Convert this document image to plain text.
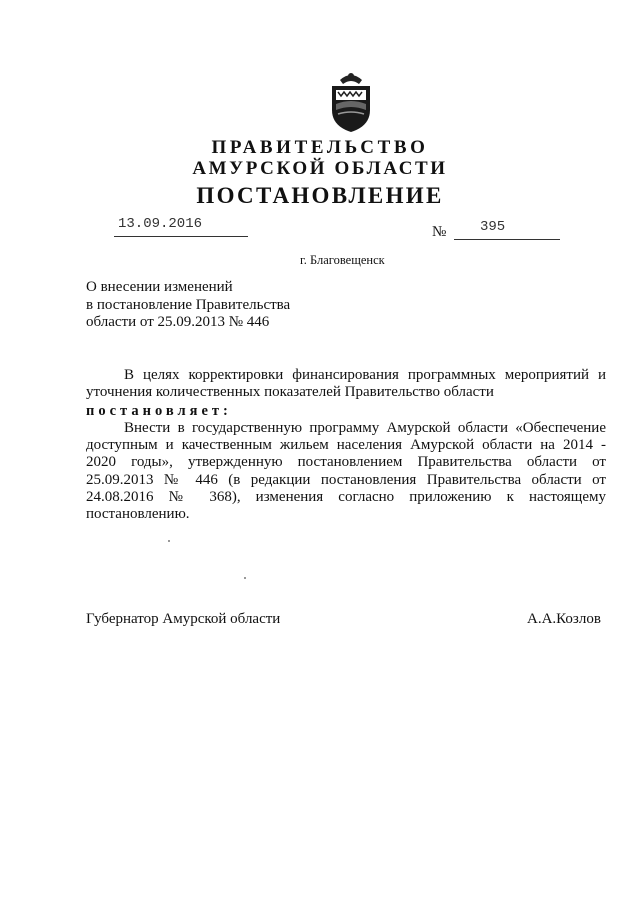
ПРАВИТЕЛЬСТВО
АМУРСКОЙ ОБЛАСТИ
ПОСТАНОВЛЕНИЕ
13.09.2016	№ 395
г. Благовещенск
О внесении изменений
в постановление Правительства
области от 25.09.2013 № 446
В целях корректировки финансирования программных мероприятий и
уточнения количественных показателей Правительство области
постановляет:
Внести в государственную программу Амурской области «Обеспечение
доступным и качественным жильем населения Амурской области на 2014 -
2020 годы», утвержденную постановлением Правительства области от
25.09.2013 № 446 (в редакции постановления Правительства области от
24.08.2016 № 368), изменения согласно приложению к настоящему
постановлению.
Губернатор Амурской области	А.А.Козлов
